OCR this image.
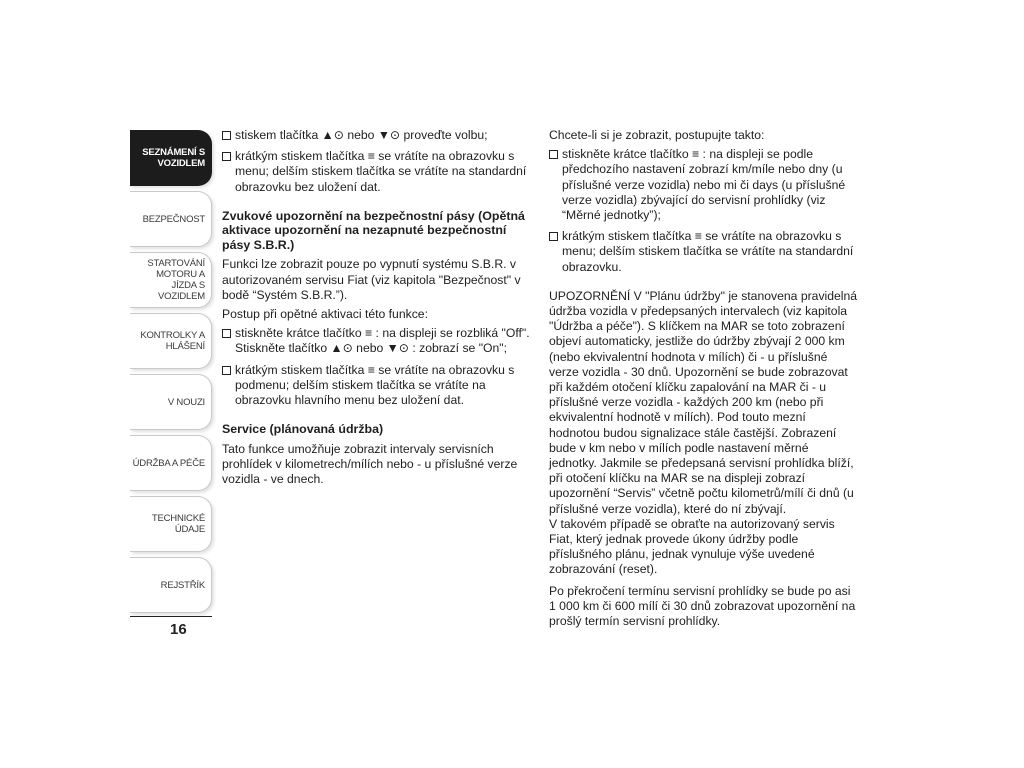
SEZNÁMENÍ S
VOZIDLEM
BEZPEČNOST
STARTOVÁNÍ
MOTORU A JÍZDA S
VOZIDLEM
KONTROLKY A
HLÁŠENÍ
V NOUZI
ÚDRŽBA A PÉČE
TECHNICKÉ ÚDAJE
REJSTŘÍK
16
stiskem tlačítka ▲⊙ nebo ▼⊙ proveďte volbu;
krátkým stiskem tlačítka ≡ se vrátíte na obrazovku s menu; delším stiskem tlačítka se vrátíte na standardní obrazovku bez uložení dat.
Zvukové upozornění na bezpečnostní pásy (Opětná aktivace upozornění na nezapnuté bezpečnostní pásy S.B.R.)

Funkci lze zobrazit pouze po vypnutí systému S.B.R. v autorizovaném servisu Fiat (viz kapitola "Bezpečnost" v bodě “Systém S.B.R.”).

Postup při opětné aktivaci této funkce:

stiskněte krátce tlačítko ≡ : na displeji se rozbliká "Off". Stiskněte tlačítko ▲⊙ nebo ▼⊙ : zobrazí se "On";
krátkým stiskem tlačítka ≡ se vrátíte na obrazovku s podmenu; delším stiskem tlačítka se vrátíte na obrazovku hlavního menu bez uložení dat.
Service (plánovaná údržba)

Tato funkce umožňuje zobrazit intervaly servisních prohlídek v kilometrech/mílích nebo - u příslušné verze vozidla - ve dnech.

Chcete-li si je zobrazit, postupujte takto:

stiskněte krátce tlačítko ≡ : na displeji se podle předchozího nastavení zobrazí km/míle nebo dny (u příslušné verze vozidla) nebo mi či days (u příslušné verze vozidla) zbývající do servisní prohlídky (viz “Měrné jednotky”);
krátkým stiskem tlačítka ≡ se vrátíte na obrazovku s menu; delším stiskem tlačítka se vrátíte na standardní obrazovku.

UPOZORNĚNÍ V "Plánu údržby" je stanovena pravidelná údržba vozidla v předepsaných intervalech (viz kapitola "Údržba a péče"). S klíčkem na MAR se toto zobrazení objeví automaticky, jestliže do údržby zbývají 2 000 km (nebo ekvivalentní hodnota v mílích) či - u příslušné verze vozidla - 30 dnů. Upozornění se bude zobrazovat při každém otočení klíčku zapalování na MAR či - u příslušné verze vozidla - každých 200 km (nebo při ekvivalentní hodnotě v mílích). Pod touto mezní hodnotou budou signalizace stále častější. Zobrazení bude v km nebo v mílích podle nastavení měrné jednotky. Jakmile se předepsaná servisní prohlídka blíží, při otočení klíčku na MAR se na displeji zobrazí upozornění “Servis” včetně počtu kilometrů/mílí či dnů (u příslušné verze vozidla), které do ní zbývají.
V takovém případě se obraťte na autorizovaný servis Fiat, který jednak provede úkony údržby podle příslušného plánu, jednak vynuluje výše uvedené zobrazování (reset).

Po překročení termínu servisní prohlídky se bude po asi 1 000 km či 600 mílí či 30 dnů zobrazovat upozornění na prošlý termín servisní prohlídky.
